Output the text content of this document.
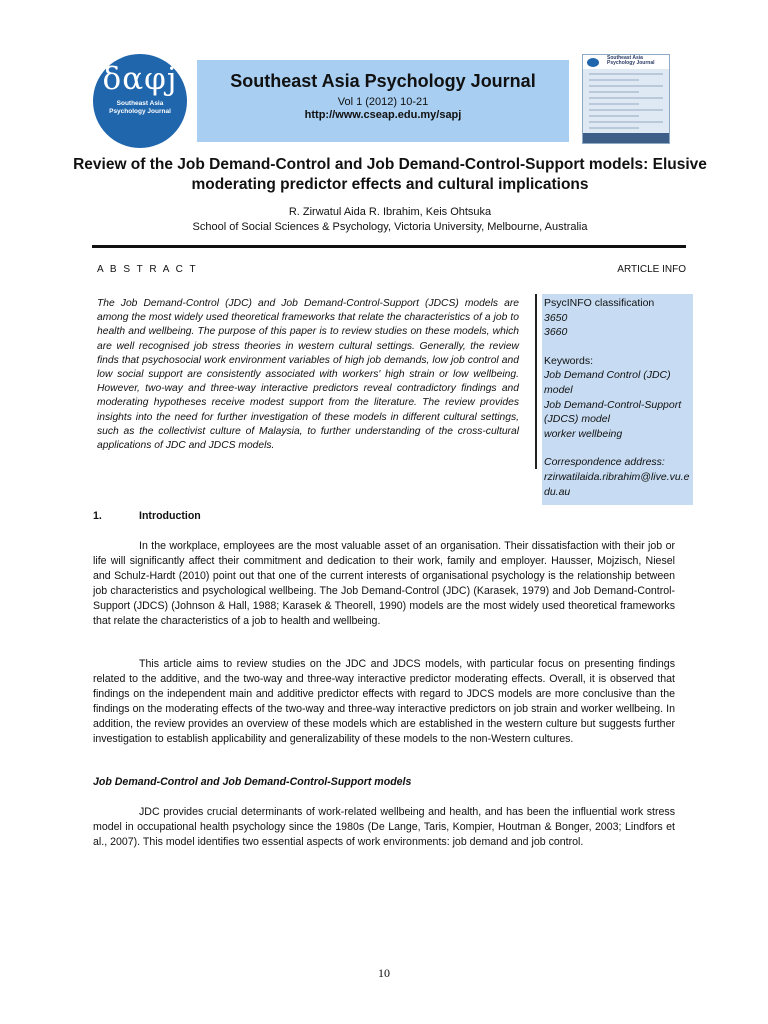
δαφj
Southeast Asia
Psychology Journal
Southeast Asia Psychology Journal
Vol 1 (2012) 10-21
http://www.cseap.edu.my/sapj
Southeast Asia Psychology Journal
Review of the Job Demand-Control and Job Demand-Control-Support models: Elusive moderating predictor effects and cultural implications
R. Zirwatul Aida R. Ibrahim, Keis Ohtsuka
School of Social Sciences & Psychology, Victoria University, Melbourne, Australia
A B S T R A C T	ARTICLE INFO
The Job Demand-Control (JDC) and Job Demand-Control-Support (JDCS) models are among the most widely used theoretical frameworks that relate the characteristics of a job to health and wellbeing. The purpose of this paper is to review studies on these models, which are well recognised job stress theories in western cultural settings. Generally, the review finds that psychosocial work environment variables of high job demands, low job control and low social support are consistently associated with workers' high strain or low wellbeing. However, two-way and three-way interactive predictors reveal contradictory findings and moderating hypotheses receive modest support from the literature. The review provides insights into the need for further investigation of these models in different cultural settings, such as the collectivist culture of Malaysia, to further understanding of the cross-cultural applications of JDC and JDCS models.
PsycINFO classification
3650
3660
Keywords:
Job Demand Control (JDC) model
Job Demand-Control-Support (JDCS) model
worker wellbeing
Correspondence address:
rzirwatilaida.ribrahim@live.vu.edu.au
1.	Introduction
In the workplace, employees are the most valuable asset of an organisation. Their dissatisfaction with their job or life will significantly affect their commitment and dedication to their work, family and employer. Hausser, Mojzisch, Niesel and Schulz-Hardt (2010) point out that one of the current interests of organisational psychology is the relationship between job characteristics and psychological wellbeing. The Job Demand-Control (JDC) (Karasek, 1979) and Job Demand-Control-Support (JDCS) (Johnson & Hall, 1988; Karasek & Theorell, 1990) models are the most widely used theoretical frameworks that relate the characteristics of a job to health and wellbeing.
This article aims to review studies on the JDC and JDCS models, with particular focus on presenting findings related to the additive, and the two-way and three-way interactive predictor moderating effects. Overall, it is observed that findings on the independent main and additive predictor effects with regard to JDCS models are more conclusive than the findings on the moderating effects of the two-way and three-way interactive predictors on job strain and worker wellbeing. In addition, the review provides an overview of these models which are established in the western culture but suggests further investigation to establish applicability and generalizability of these models to the non-Western cultures.
Job Demand-Control and Job Demand-Control-Support models
JDC provides crucial determinants of work-related wellbeing and health, and has been the influential work stress model in occupational health psychology since the 1980s (De Lange, Taris, Kompier, Houtman & Bonger, 2003; Lindfors et al., 2007). This model identifies two essential aspects of work environments: job demand and job control.
10
